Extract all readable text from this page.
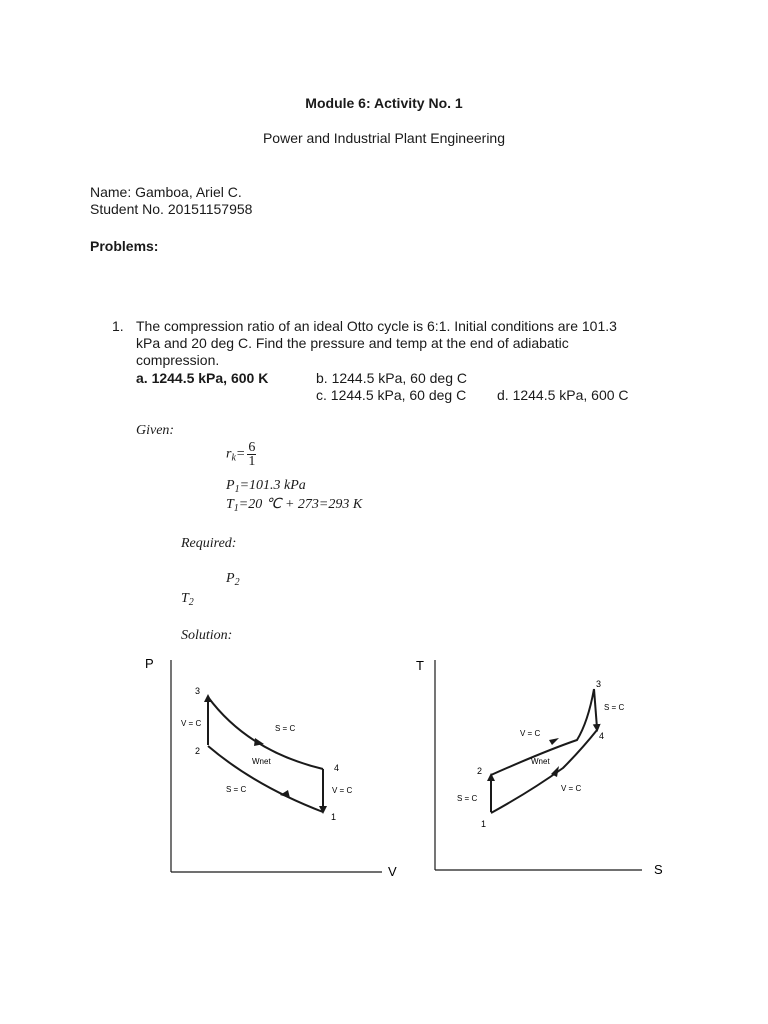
Module 6: Activity No. 1
Power and Industrial Plant Engineering
Name: Gamboa, Ariel C.
Student No. 20151157958
Problems:
1. The compression ratio of an ideal Otto cycle is 6:1. Initial conditions are 101.3
kPa and 20 deg C. Find the pressure and temp at the end of adiabatic
compression.
a. 1244.5 kPa, 600 K	b. 1244.5 kPa, 60 deg C
c. 1244.5 kPa, 60 deg C d. 1244.5 kPa, 600 C
Given:
$r_k= \frac{6}{1}$
$P_1=101.3$ kPa
$T_1=20$ ℃ + 273=293 K
Required:
$P_2$
$T_2$
Solution:
P
V
3
2
4
1
V = C
S = C
Wnet
S = C	V = C
T
S
3
4
2
1
S = C
V = C
Wnet
V = C
S = C
